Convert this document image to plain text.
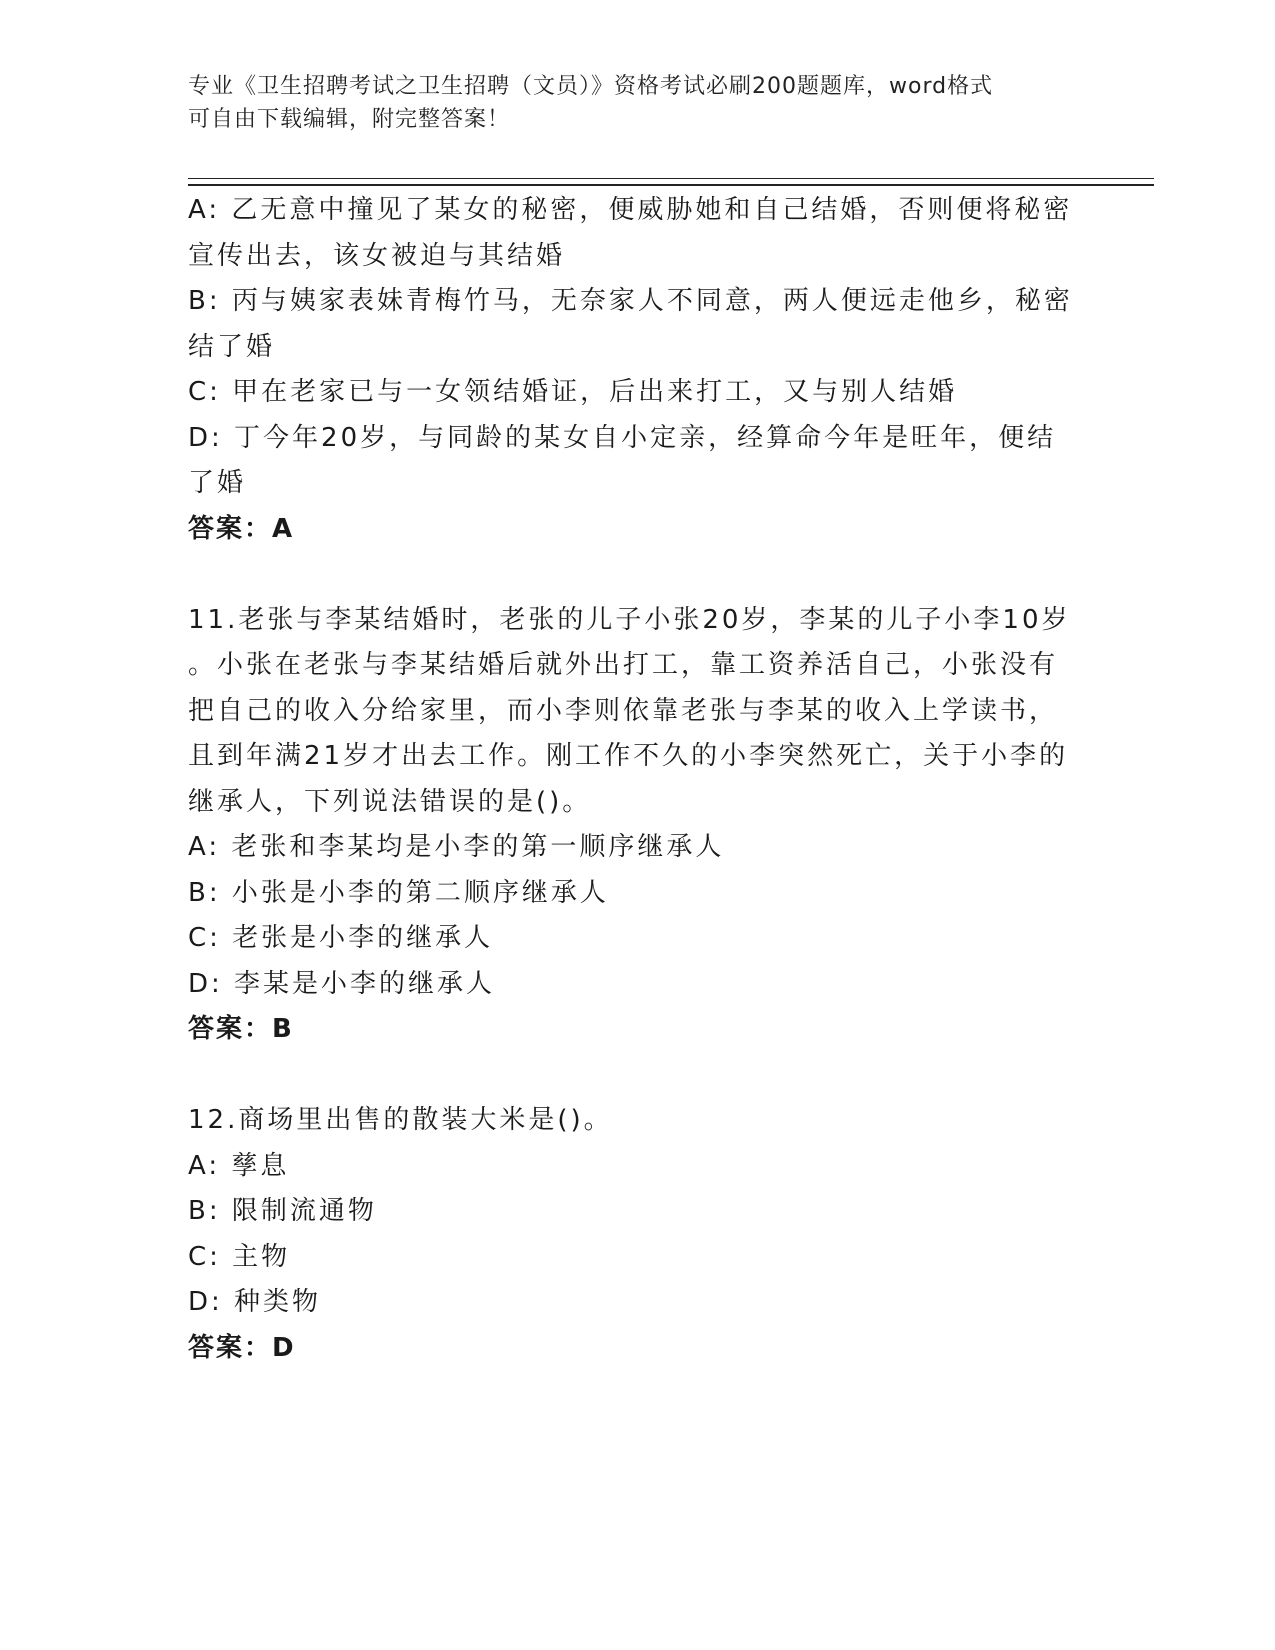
专业《卫生招聘考试之卫生招聘（文员）》资格考试必刷200题题库，word格式
可自由下载编辑，附完整答案！

A: 乙无意中撞见了某女的秘密，便威胁她和自己结婚，否则便将秘密

宣传出去，该女被迫与其结婚

B: 丙与姨家表妹青梅竹马，无奈家人不同意，两人便远走他乡，秘密

结了婚

C: 甲在老家已与一女领结婚证，后出来打工，又与别人结婚

D: 丁今年20岁，与同龄的某女自小定亲，经算命今年是旺年，便结

了婚

答案：A

11.老张与李某结婚时，老张的儿子小张20岁，李某的儿子小李10岁

。小张在老张与李某结婚后就外出打工，靠工资养活自己，小张没有

把自己的收入分给家里，而小李则依靠老张与李某的收入上学读书，

且到年满21岁才出去工作。刚工作不久的小李突然死亡，关于小李的

继承人，下列说法错误的是()。

A: 老张和李某均是小李的第一顺序继承人

B: 小张是小李的第二顺序继承人

C: 老张是小李的继承人

D: 李某是小李的继承人

答案：B

12.商场里出售的散装大米是()。

A: 孳息

B: 限制流通物

C: 主物

D: 种类物

答案：D
